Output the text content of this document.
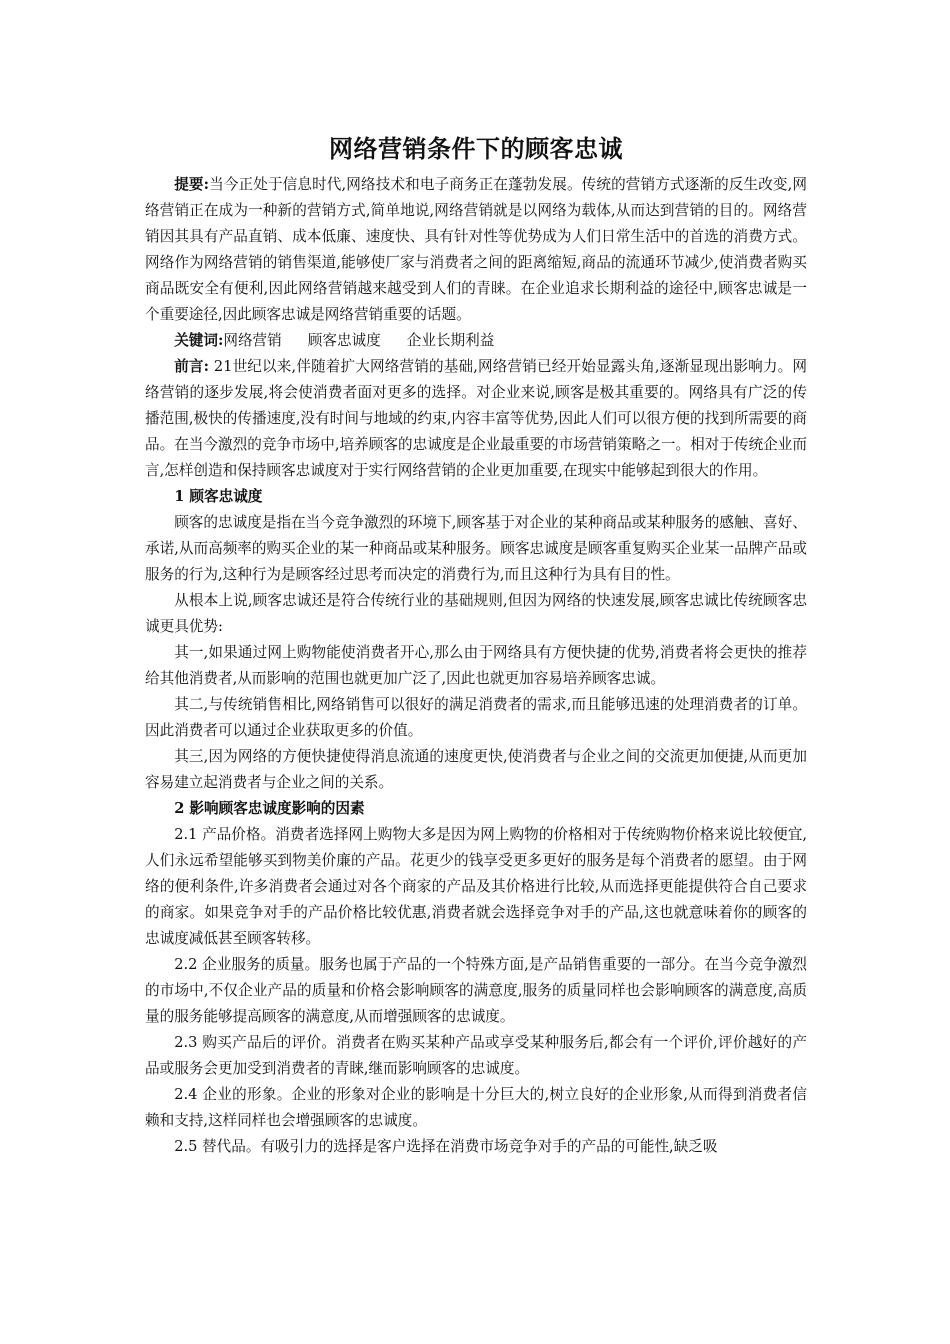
网络营销条件下的顾客忠诚

提要:当今正处于信息时代,网络技术和电子商务正在蓬勃发展。传统的营销方式逐渐的反生改变,网络营销正在成为一种新的营销方式,简单地说,网络营销就是以网络为载体,从而达到营销的目的。网络营销因其具有产品直销、成本低廉、速度快、具有针对性等优势成为人们日常生活中的首选的消费方式。网络作为网络营销的销售渠道,能够使厂家与消费者之间的距离缩短,商品的流通环节减少,使消费者购买商品既安全有便利,因此网络营销越来越受到人们的青睐。在企业追求长期利益的途径中,顾客忠诚是一个重要途径,因此顾客忠诚是网络营销重要的话题。

关键词:网络营销 顾客忠诚度 企业长期利益

前言: 21世纪以来,伴随着扩大网络营销的基础,网络营销已经开始显露头角,逐渐显现出影响力。网络营销的逐步发展,将会使消费者面对更多的选择。对企业来说,顾客是极其重要的。网络具有广泛的传播范围,极快的传播速度,没有时间与地域的约束,内容丰富等优势,因此人们可以很方便的找到所需要的商品。在当今激烈的竞争市场中,培养顾客的忠诚度是企业最重要的市场营销策略之一。相对于传统企业而言,怎样创造和保持顾客忠诚度对于实行网络营销的企业更加重要,在现实中能够起到很大的作用。

1 顾客忠诚度

顾客的忠诚度是指在当今竞争激烈的环境下,顾客基于对企业的某种商品或某种服务的感触、喜好、承诺,从而高频率的购买企业的某一种商品或某种服务。顾客忠诚度是顾客重复购买企业某一品牌产品或服务的行为,这种行为是顾客经过思考而决定的消费行为,而且这种行为具有目的性。

从根本上说,顾客忠诚还是符合传统行业的基础规则,但因为网络的快速发展,顾客忠诚比传统顾客忠诚更具优势:

其一,如果通过网上购物能使消费者开心,那么由于网络具有方便快捷的优势,消费者将会更快的推荐给其他消费者,从而影响的范围也就更加广泛了,因此也就更加容易培养顾客忠诚。

其二,与传统销售相比,网络销售可以很好的满足消费者的需求,而且能够迅速的处理消费者的订单。因此消费者可以通过企业获取更多的价值。

其三,因为网络的方便快捷使得消息流通的速度更快,使消费者与企业之间的交流更加便捷,从而更加容易建立起消费者与企业之间的关系。

2 影响顾客忠诚度影响的因素

2.1 产品价格。消费者选择网上购物大多是因为网上购物的价格相对于传统购物价格来说比较便宜,人们永远希望能够买到物美价廉的产品。花更少的钱享受更多更好的服务是每个消费者的愿望。由于网络的便利条件,许多消费者会通过对各个商家的产品及其价格进行比较,从而选择更能提供符合自己要求的商家。如果竞争对手的产品价格比较优惠,消费者就会选择竞争对手的产品,这也就意味着你的顾客的忠诚度减低甚至顾客转移。

2.2 企业服务的质量。服务也属于产品的一个特殊方面,是产品销售重要的一部分。在当今竞争激烈的市场中,不仅企业产品的质量和价格会影响顾客的满意度,服务的质量同样也会影响顾客的满意度,高质量的服务能够提高顾客的满意度,从而增强顾客的忠诚度。

2.3 购买产品后的评价。消费者在购买某种产品或享受某种服务后,都会有一个评价,评价越好的产品或服务会更加受到消费者的青睐,继而影响顾客的忠诚度。

2.4 企业的形象。企业的形象对企业的影响是十分巨大的,树立良好的企业形象,从而得到消费者信赖和支持,这样同样也会增强顾客的忠诚度。

2.5 替代品。有吸引力的选择是客户选择在消费市场竞争对手的产品的可能性,缺乏吸
